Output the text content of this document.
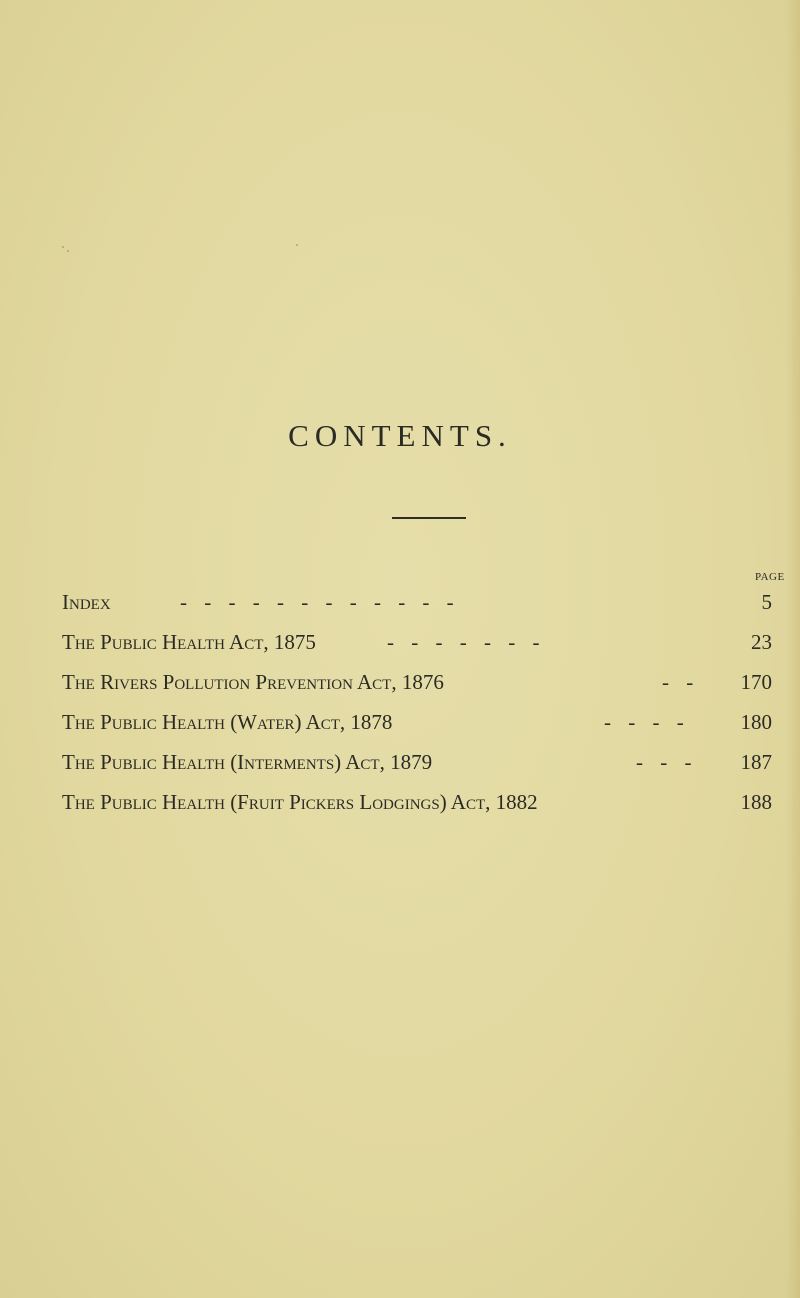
CONTENTS.
PAGE
Index	- - - - - - - - - - - -	5
The Public Health Act, 1875	- - - - - - -	23
The Rivers Pollution Prevention Act, 1876	- -	170
The Public Health (Water) Act, 1878	- - - -	180
The Public Health (Interments) Act, 1879	- - -	187
The Public Health (Fruit Pickers Lodgings) Act, 1882	188
